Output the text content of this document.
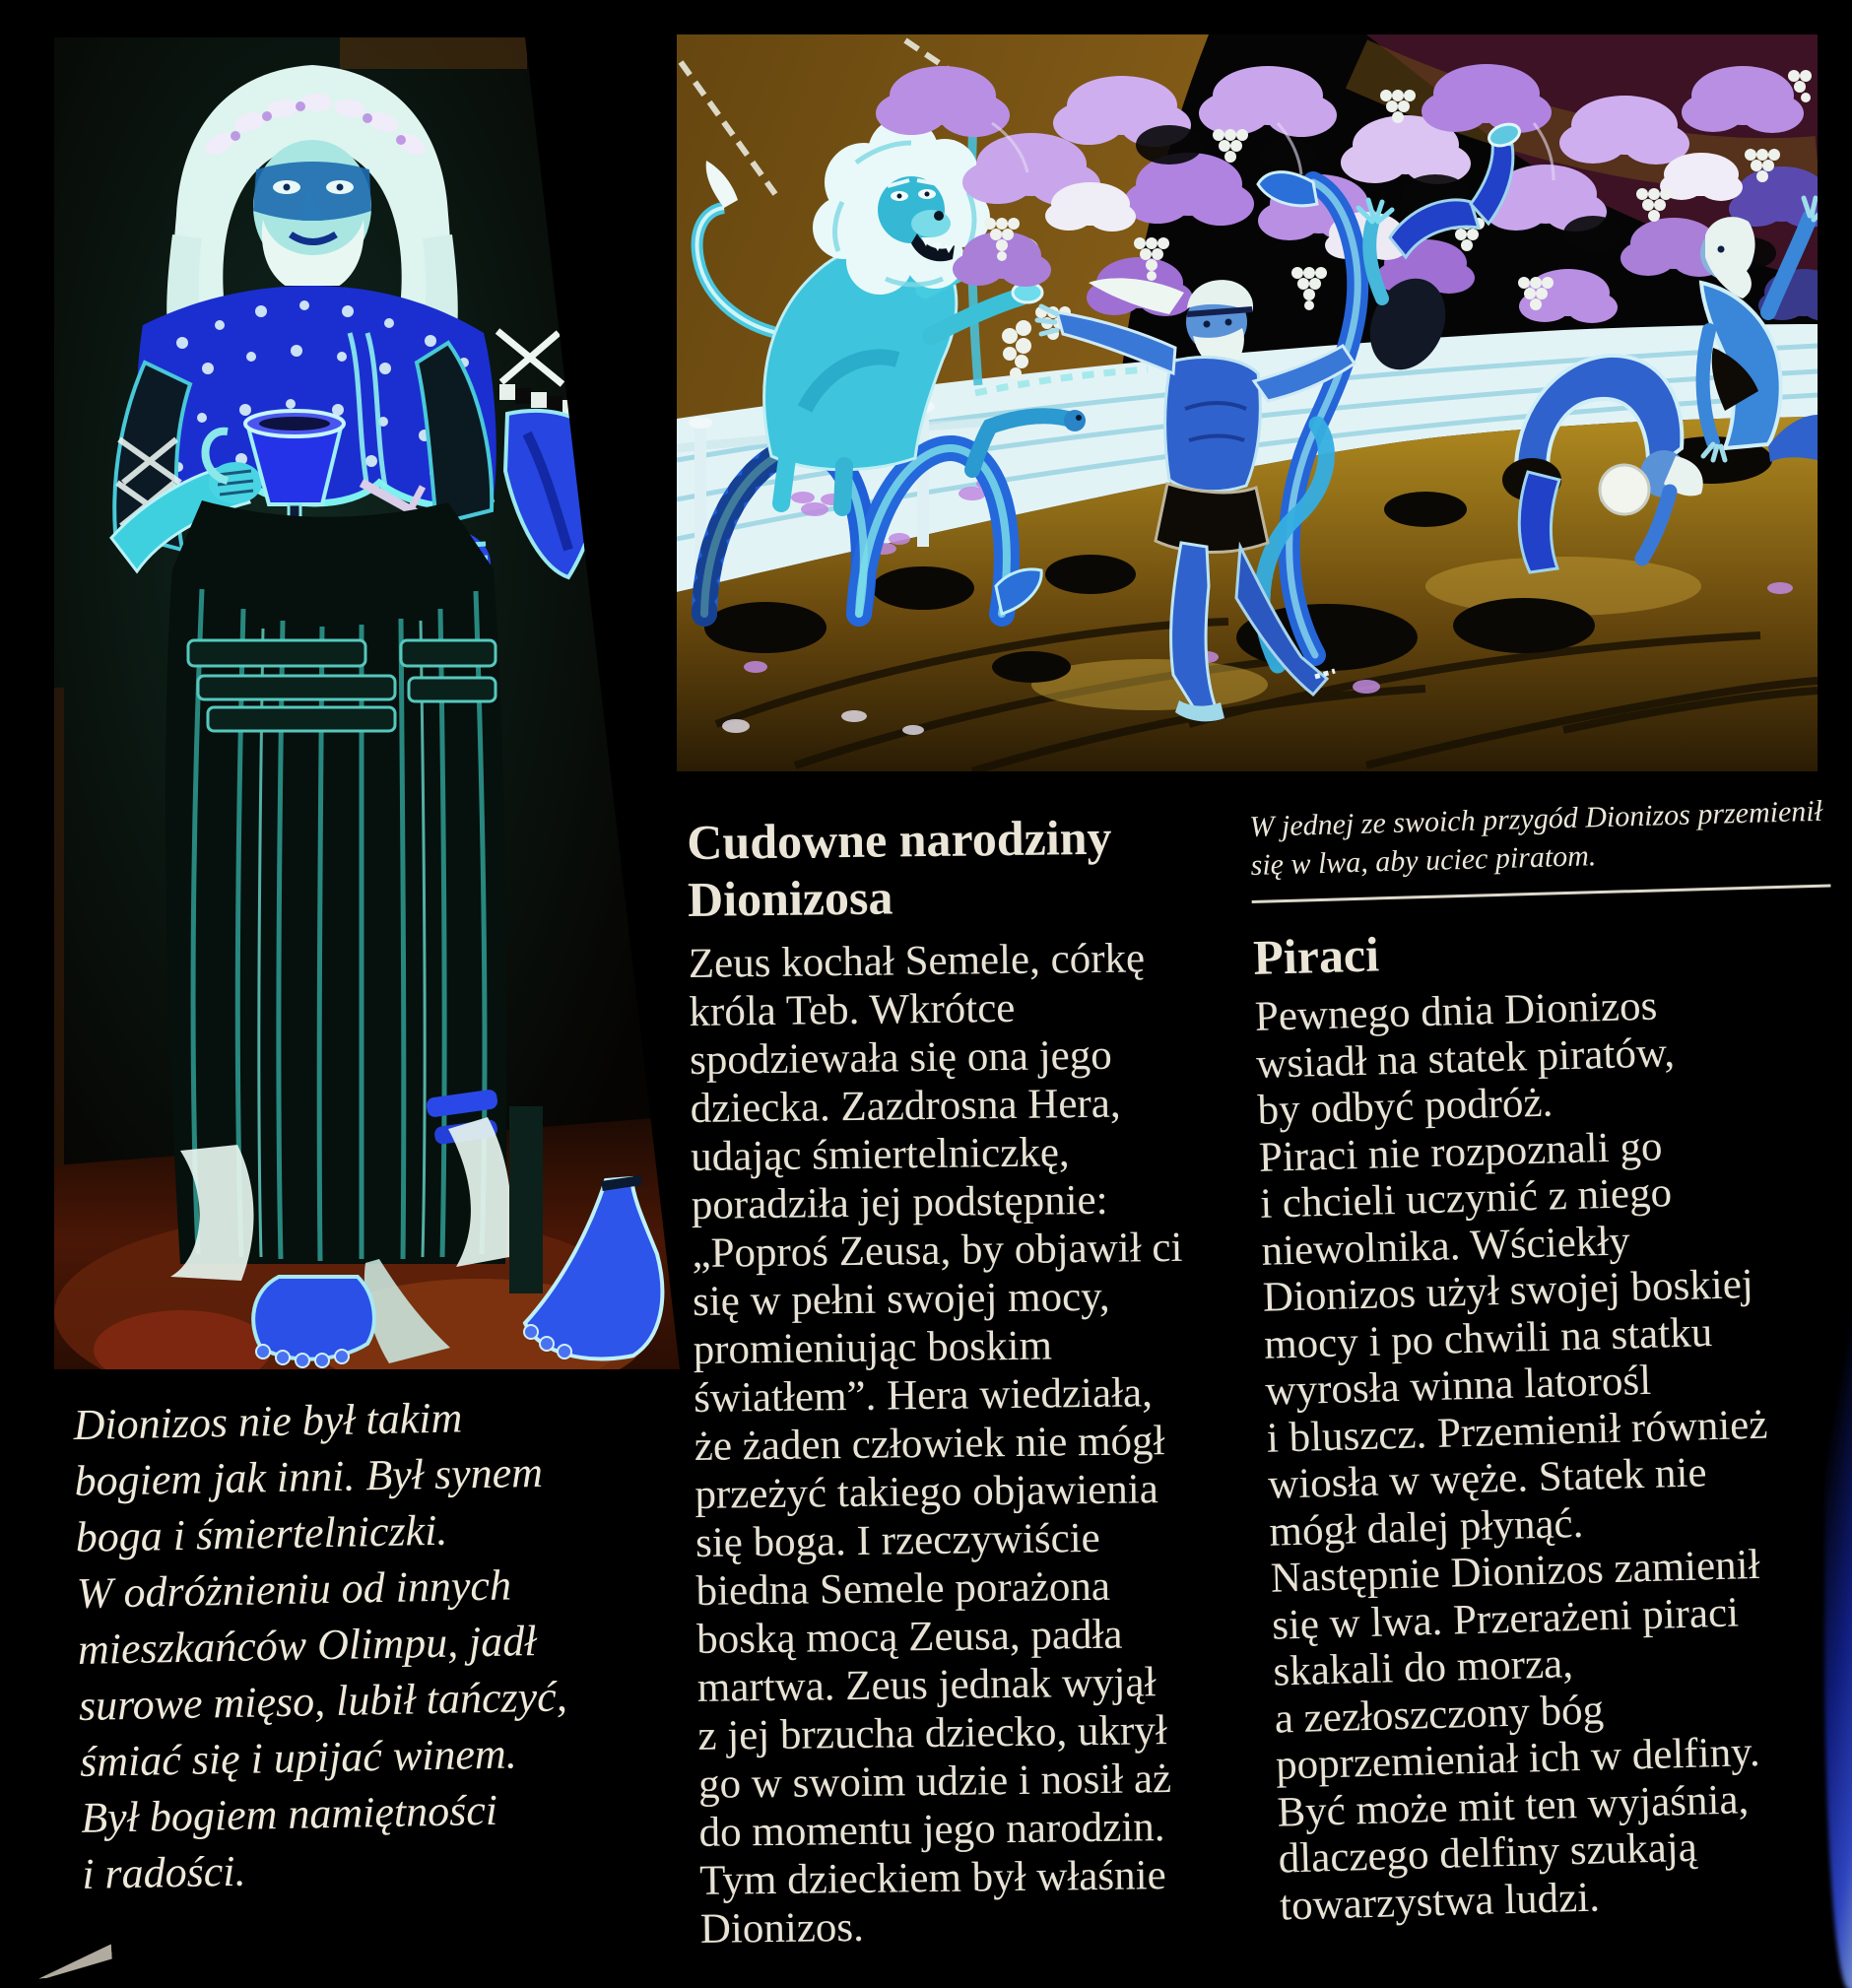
Dionizos nie był takim
bogiem jak inni. Był synem
boga i śmiertelniczki.
W odróżnieniu od innych
mieszkańców Olimpu, jadł
surowe mięso, lubił tańczyć,
śmiać się i upijać winem.
Był bogiem namiętności
i radości.
Cudowne narodziny
Dionizosa
Zeus kochał Semele, córkę
króla Teb. Wkrótce
spodziewała się ona jego
dziecka. Zazdrosna Hera,
udając śmiertelniczkę,
poradziła jej podstępnie:
„Poproś Zeusa, by objawił ci
się w pełni swojej mocy,
promieniując boskim
światłem”. Hera wiedziała,
że żaden człowiek nie mógł
przeżyć takiego objawienia
się boga. I rzeczywiście
biedna Semele porażona
boską mocą Zeusa, padła
martwa. Zeus jednak wyjął
z jej brzucha dziecko, ukrył
go w swoim udzie i nosił aż
do momentu jego narodzin.
Tym dzieckiem był właśnie
Dionizos.
W jednej ze swoich przygód Dionizos przemienił
się w lwa, aby uciec piratom.
Piraci
Pewnego dnia Dionizos
wsiadł na statek piratów,
by odbyć podróż.
Piraci nie rozpoznali go
i chcieli uczynić z niego
niewolnika. Wściekły
Dionizos użył swojej boskiej
mocy i po chwili na statku
wyrosła winna latorośl
i bluszcz. Przemienił również
wiosła w węże. Statek nie
mógł dalej płynąć.
Następnie Dionizos zamienił
się w lwa. Przerażeni piraci
skakali do morza,
a zezłoszczony bóg
poprzemieniał ich w delfiny.
Być może mit ten wyjaśnia,
dlaczego delfiny szukają
towarzystwa ludzi.
